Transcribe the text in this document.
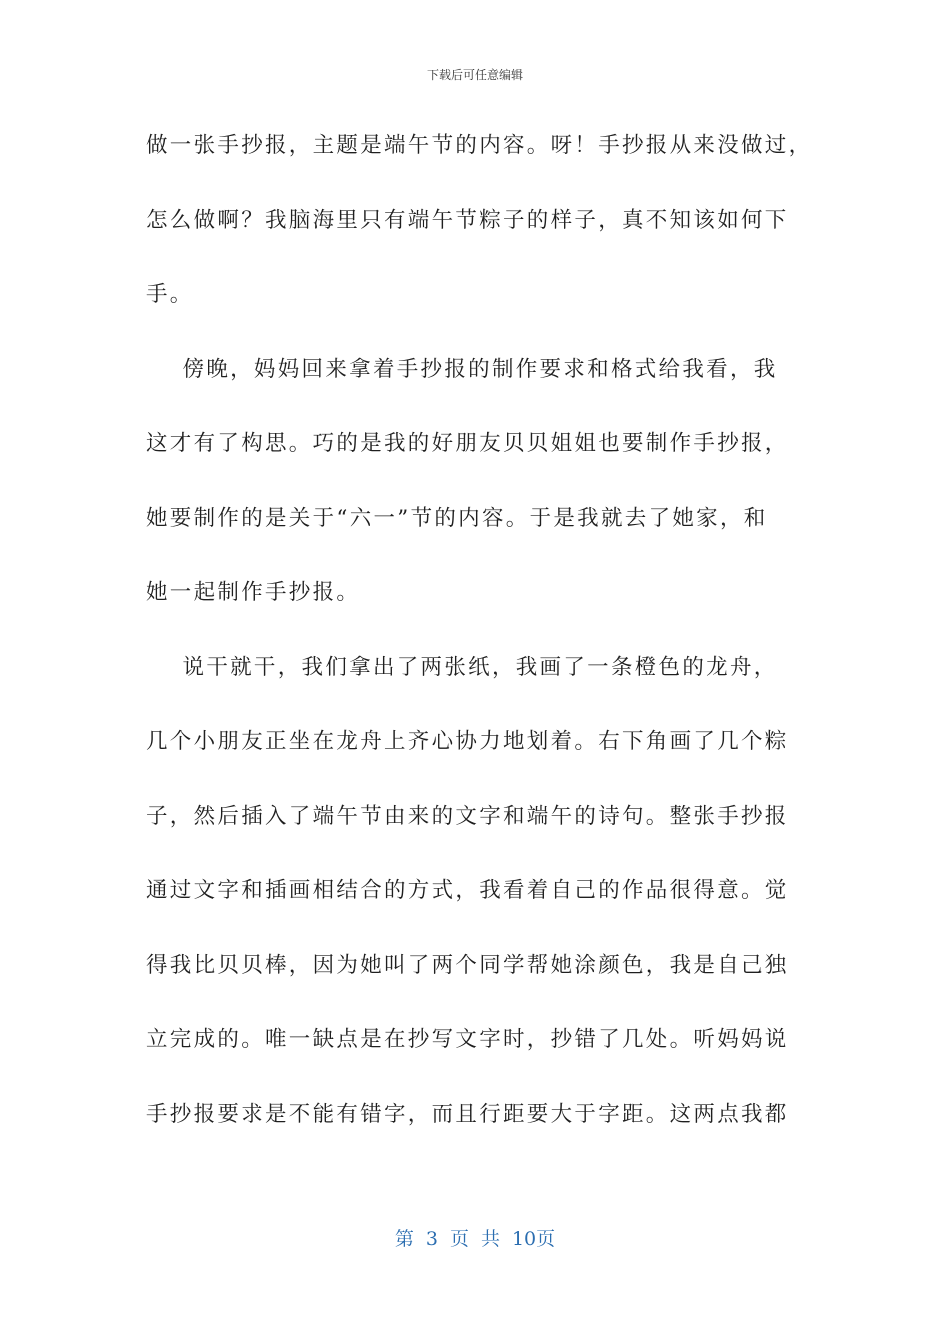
下载后可任意编辑
做一张手抄报，主题是端午节的内容。呀！手抄报从来没做过，
怎么做啊？我脑海里只有端午节粽子的样子，真不知该如何下
手。
傍晚，妈妈回来拿着手抄报的制作要求和格式给我看，我
这才有了构思。巧的是我的好朋友贝贝姐姐也要制作手抄报，
她要制作的是关于“六一”节的内容。于是我就去了她家，和
她一起制作手抄报。
说干就干，我们拿出了两张纸，我画了一条橙色的龙舟，
几个小朋友正坐在龙舟上齐心协力地划着。右下角画了几个粽
子，然后插入了端午节由来的文字和端午的诗句。整张手抄报
通过文字和插画相结合的方式，我看着自己的作品很得意。觉
得我比贝贝棒，因为她叫了两个同学帮她涂颜色，我是自己独
立完成的。唯一缺点是在抄写文字时，抄错了几处。听妈妈说
手抄报要求是不能有错字，而且行距要大于字距。这两点我都
第 3 页 共 10页
